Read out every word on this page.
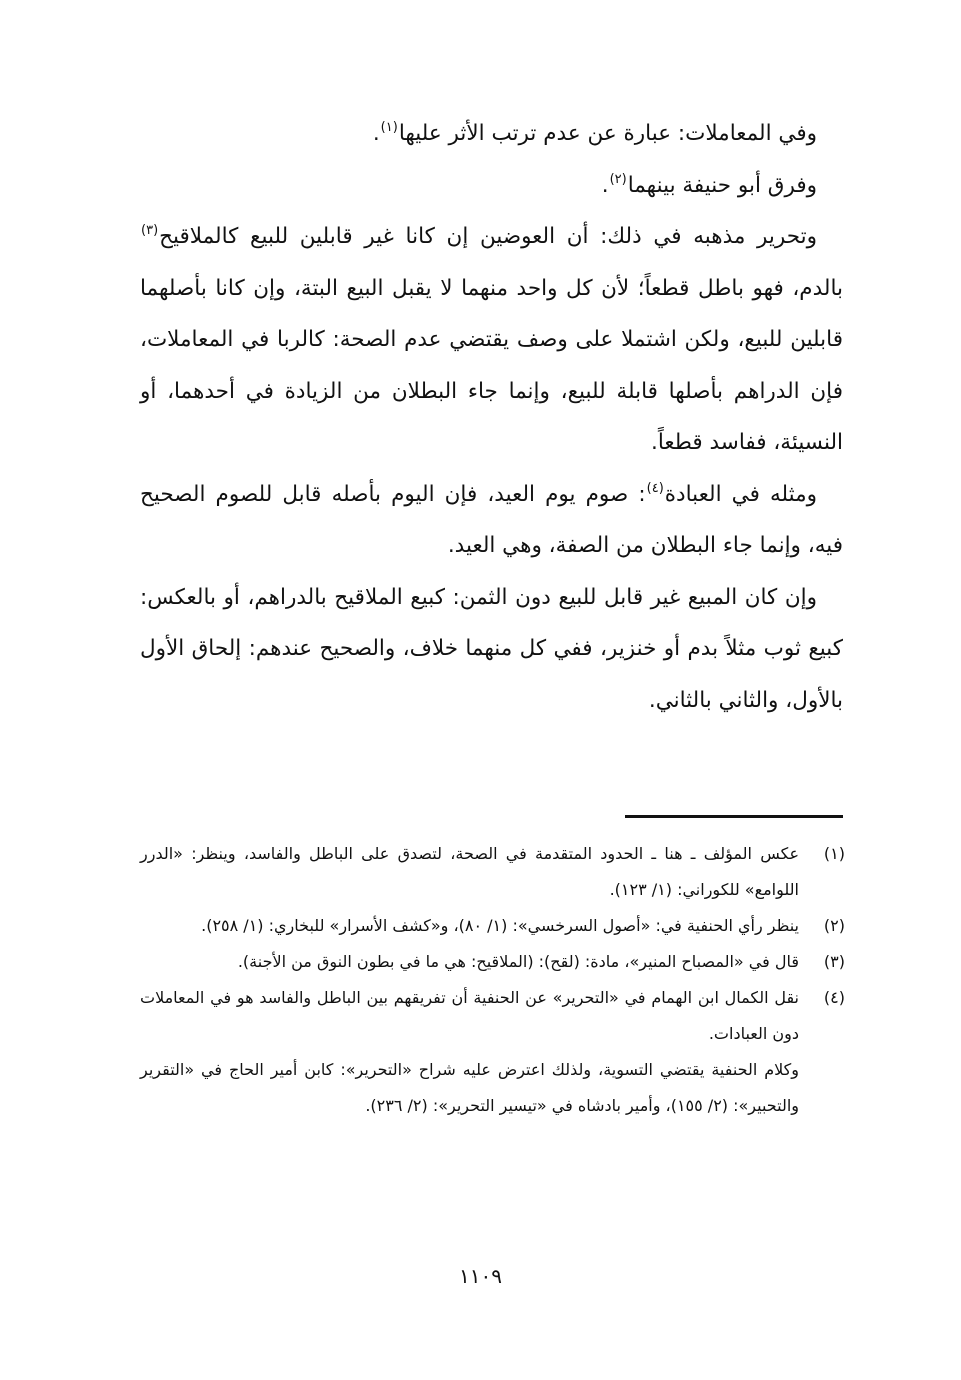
وفي المعاملات: عبارة عن عدم ترتب الأثر عليها$^{(١)}$.

وفرق أبو حنيفة بينهما$^{(٢)}$.

وتحرير مذهبه في ذلك: أن العوضين إن كانا غير قابلين للبيع كالملاقيح$^{(٣)}$ بالدم، فهو باطل قطعاً؛ لأن كل واحد منهما لا يقبل البيع البتة، وإن كانا بأصلهما قابلين للبيع، ولكن اشتملا على وصف يقتضي عدم الصحة: كالربا في المعاملات، فإن الدراهم بأصلها قابلة للبيع، وإنما جاء البطلان من الزيادة في أحدهما، أو النسيئة، ففاسد قطعاً.

ومثله في العبادة$^{(٤)}$: صوم يوم العيد، فإن اليوم بأصله قابل للصوم الصحيح فيه، وإنما جاء البطلان من الصفة، وهي العيد.

وإن كان المبيع غير قابل للبيع دون الثمن: كبيع الملاقيح بالدراهم، أو بالعكس: كبيع ثوب مثلاً بدم أو خنزير، ففي كل منهما خلاف، والصحيح عندهم: إلحاق الأول بالأول، والثاني بالثاني.

(١)
عكس المؤلف ـ هنا ـ الحدود المتقدمة في الصحة، لتصدق على الباطل والفاسد، وينظر: «الدرر اللوامع» للكوراني: (١/ ١٢٣).
(٢)
ينظر رأي الحنفية في: «أصول السرخسي»: (١/ ٨٠)، و«كشف الأسرار» للبخاري: (١/ ٢٥٨).
(٣)
قال في «المصباح المنير»، مادة: (لقح): (الملاقيح: هي ما في بطون النوق من الأجنة).
(٤)
نقل الكمال ابن الهمام في «التحرير» عن الحنفية أن تفريقهم بين الباطل والفاسد هو في المعاملات دون العبادات.
وكلام الحنفية يقتضي التسوية، ولذلك اعترض عليه شراح «التحرير»: كابن أمير الحاج في «التقرير والتحبير»: (٢/ ١٥٥)، وأمير بادشاه في «تيسير التحرير»: (٢/ ٢٣٦).
١١٠٩
